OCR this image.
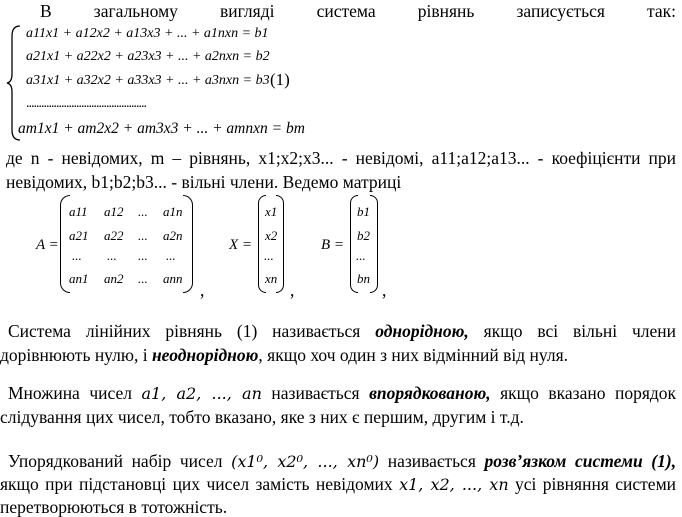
В загальному вигляді система рівнянь записується так:
a11x1 + a12x2 + a13x3 + ... + a1nxn = b1
a21x1 + a22x2 + a23x3 + ... + a2nxn = b2
a31x1 + a32x2 + a33x3 + ... + a3nxn = b3 (1)
................................................
am1x1 + am2x2 + am3x3 + ... + amnxn = bm
де n - невідомих, m – рівнянь, x1;x2;x3... - невідомі, a11;a12;a13... - коефіцієнти при
невідомих, b1;b2;b3... - вільні члени. Ведемо матриці
A =
a11 a12 ... a1n
a21 a22 ... a2n
... ... ... ...
an1 an2 ... ann
,
X =
x1
x2
...
xn
,
B =
b1
b2
...
bn
,
Система лінійних рівнянь (1) називається однорідною, якщо всі вільні члени
дорівнюють нулю, і неоднорідною, якщо хоч один з них відмінний від нуля.
Множина чисел a1, a2, ..., an називається впорядкованою, якщо вказано порядок
слідування цих чисел, тобто вказано, яке з них є першим, другим і т.д.
Упорядкований набір чисел (x1⁰, x2⁰, ..., xn⁰) називається розв’язком системи (1),
якщо при підстановці цих чисел замість невідомих x1, x2, ..., xn усі рівняння системи
перетворюються в тотожність.
